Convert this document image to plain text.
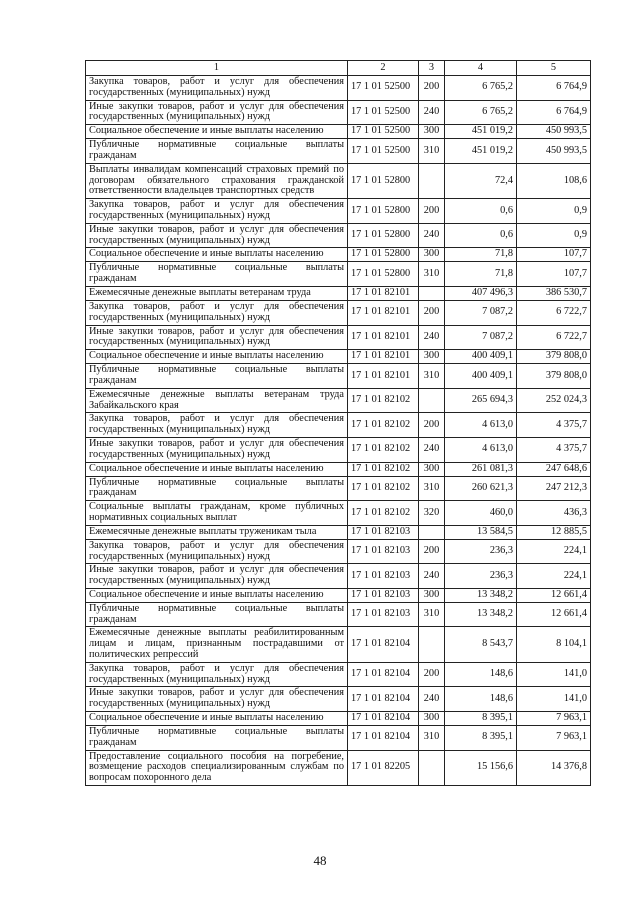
1	2	3	4	5
Закупка товаров, работ и услуг для обеспечения государственных (муниципальных) нужд	17 1 01 52500	200	6 765,2	6 764,9
Иные закупки товаров, работ и услуг для обеспечения государственных (муниципальных) нужд	17 1 01 52500	240	6 765,2	6 764,9
Социальное обеспечение и иные выплаты населению	17 1 01 52500	300	451 019,2	450 993,5
Публичные нормативные социальные выплаты гражданам	17 1 01 52500	310	451 019,2	450 993,5
Выплаты инвалидам компенсаций страховых премий по договорам обязательного страхования гражданской ответственности владельцев транспортных средств	17 1 01 52800		72,4	108,6
Закупка товаров, работ и услуг для обеспечения государственных (муниципальных) нужд	17 1 01 52800	200	0,6	0,9
Иные закупки товаров, работ и услуг для обеспечения государственных (муниципальных) нужд	17 1 01 52800	240	0,6	0,9
Социальное обеспечение и иные выплаты населению	17 1 01 52800	300	71,8	107,7
Публичные нормативные социальные выплаты гражданам	17 1 01 52800	310	71,8	107,7
Ежемесячные денежные выплаты ветеранам труда	17 1 01 82101		407 496,3	386 530,7
Закупка товаров, работ и услуг для обеспечения государственных (муниципальных) нужд	17 1 01 82101	200	7 087,2	6 722,7
Иные закупки товаров, работ и услуг для обеспечения государственных (муниципальных) нужд	17 1 01 82101	240	7 087,2	6 722,7
Социальное обеспечение и иные выплаты населению	17 1 01 82101	300	400 409,1	379 808,0
Публичные нормативные социальные выплаты гражданам	17 1 01 82101	310	400 409,1	379 808,0
Ежемесячные денежные выплаты ветеранам труда Забайкальского края	17 1 01 82102		265 694,3	252 024,3
Закупка товаров, работ и услуг для обеспечения государственных (муниципальных) нужд	17 1 01 82102	200	4 613,0	4 375,7
Иные закупки товаров, работ и услуг для обеспечения государственных (муниципальных) нужд	17 1 01 82102	240	4 613,0	4 375,7
Социальное обеспечение и иные выплаты населению	17 1 01 82102	300	261 081,3	247 648,6
Публичные нормативные социальные выплаты гражданам	17 1 01 82102	310	260 621,3	247 212,3
Социальные выплаты гражданам, кроме публичных нормативных социальных выплат	17 1 01 82102	320	460,0	436,3
Ежемесячные денежные выплаты труженикам тыла	17 1 01 82103		13 584,5	12 885,5
Закупка товаров, работ и услуг для обеспечения государственных (муниципальных) нужд	17 1 01 82103	200	236,3	224,1
Иные закупки товаров, работ и услуг для обеспечения государственных (муниципальных) нужд	17 1 01 82103	240	236,3	224,1
Социальное обеспечение и иные выплаты населению	17 1 01 82103	300	13 348,2	12 661,4
Публичные нормативные социальные выплаты гражданам	17 1 01 82103	310	13 348,2	12 661,4
Ежемесячные денежные выплаты реабилитированным лицам и лицам, признанным пострадавшими от политических репрессий	17 1 01 82104		8 543,7	8 104,1
Закупка товаров, работ и услуг для обеспечения государственных (муниципальных) нужд	17 1 01 82104	200	148,6	141,0
Иные закупки товаров, работ и услуг для обеспечения государственных (муниципальных) нужд	17 1 01 82104	240	148,6	141,0
Социальное обеспечение и иные выплаты населению	17 1 01 82104	300	8 395,1	7 963,1
Публичные нормативные социальные выплаты гражданам	17 1 01 82104	310	8 395,1	7 963,1
Предоставление социального пособия на погребение, возмещение расходов специализированным службам по вопросам похоронного дела	17 1 01 82205		15 156,6	14 376,8
48
